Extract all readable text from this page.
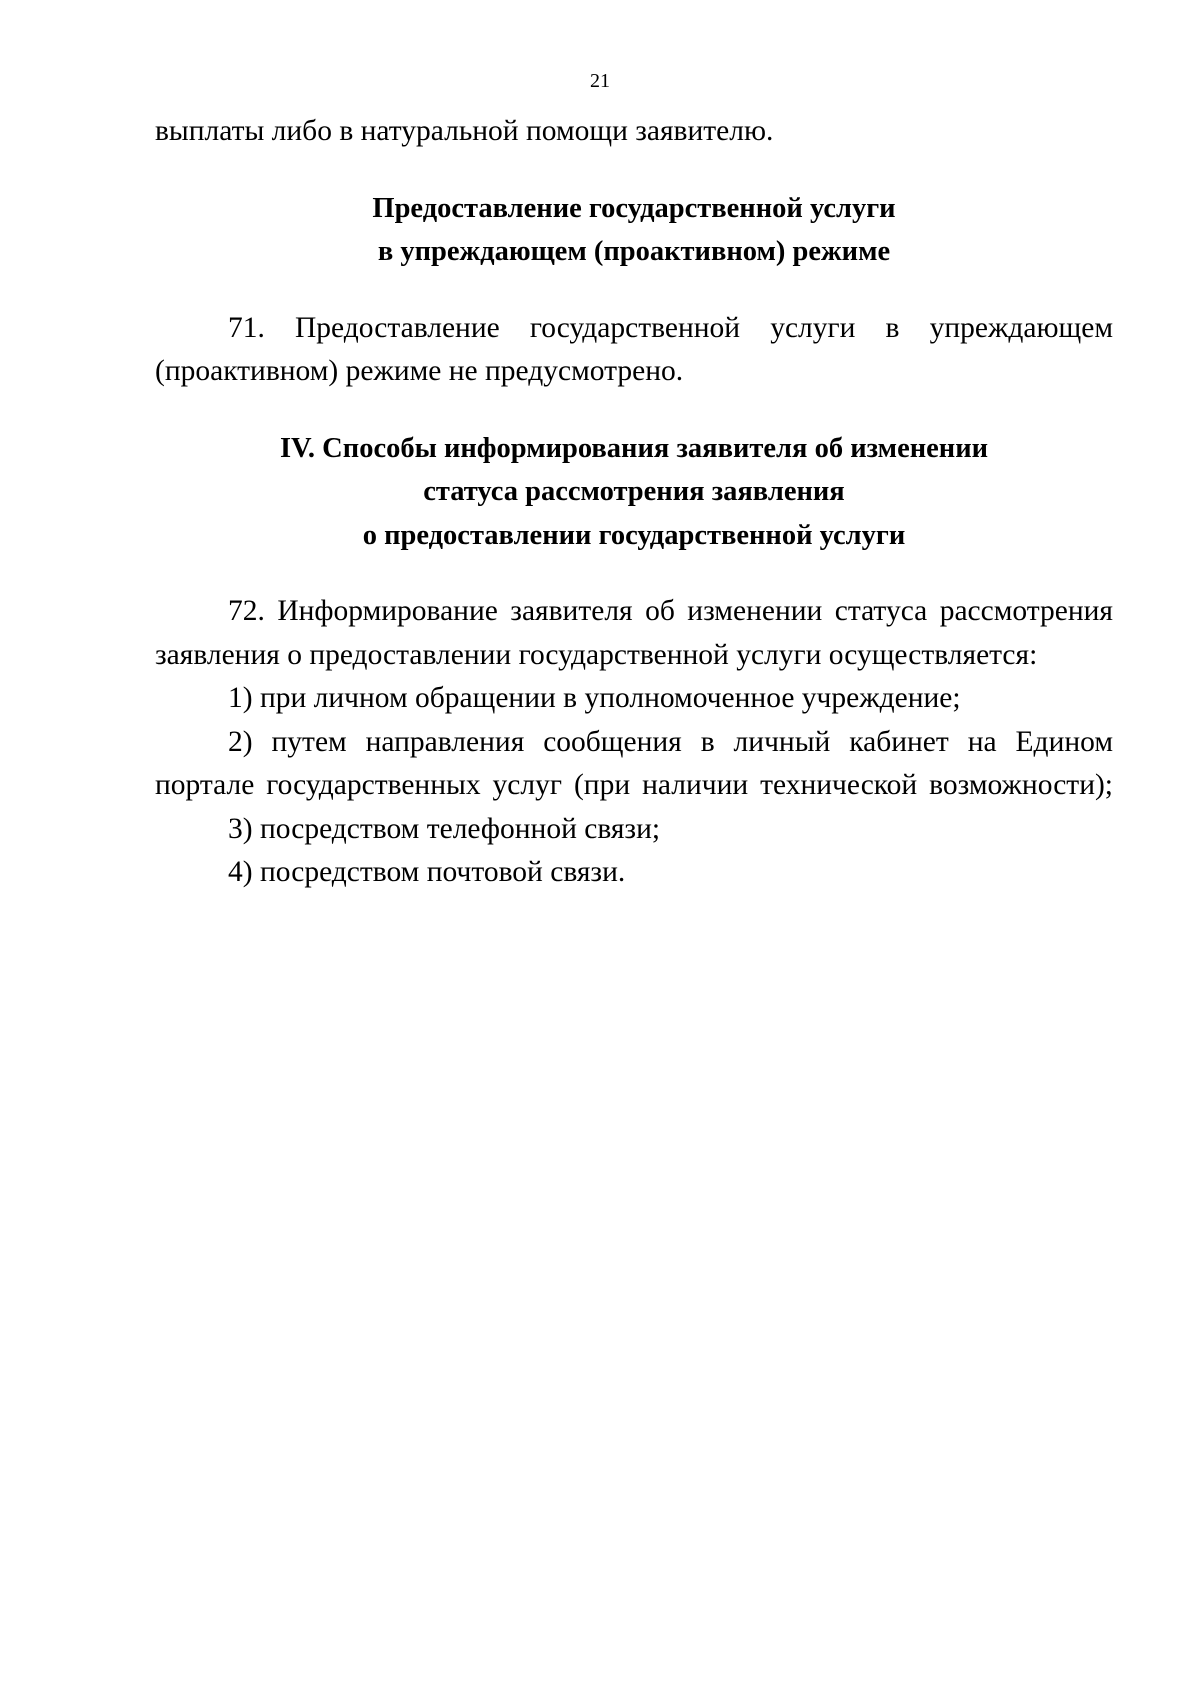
21

выплаты либо в натуральной помощи заявителю.

Предоставление государственной услуги
в упреждающем (проактивном) режиме

71. Предоставление государственной услуги в упреждающем
(проактивном) режиме не предусмотрено.

IV. Способы информирования заявителя об изменении
статуса рассмотрения заявления
о предоставлении государственной услуги

72. Информирование заявителя об изменении статуса рассмотрения
заявления о предоставлении государственной услуги осуществляется:

1) при личном обращении в уполномоченное учреждение;

2) путем направления сообщения в личный кабинет на Едином
портале государственных услуг (при наличии технической возможности);

3) посредством телефонной связи;

4) посредством почтовой связи.
